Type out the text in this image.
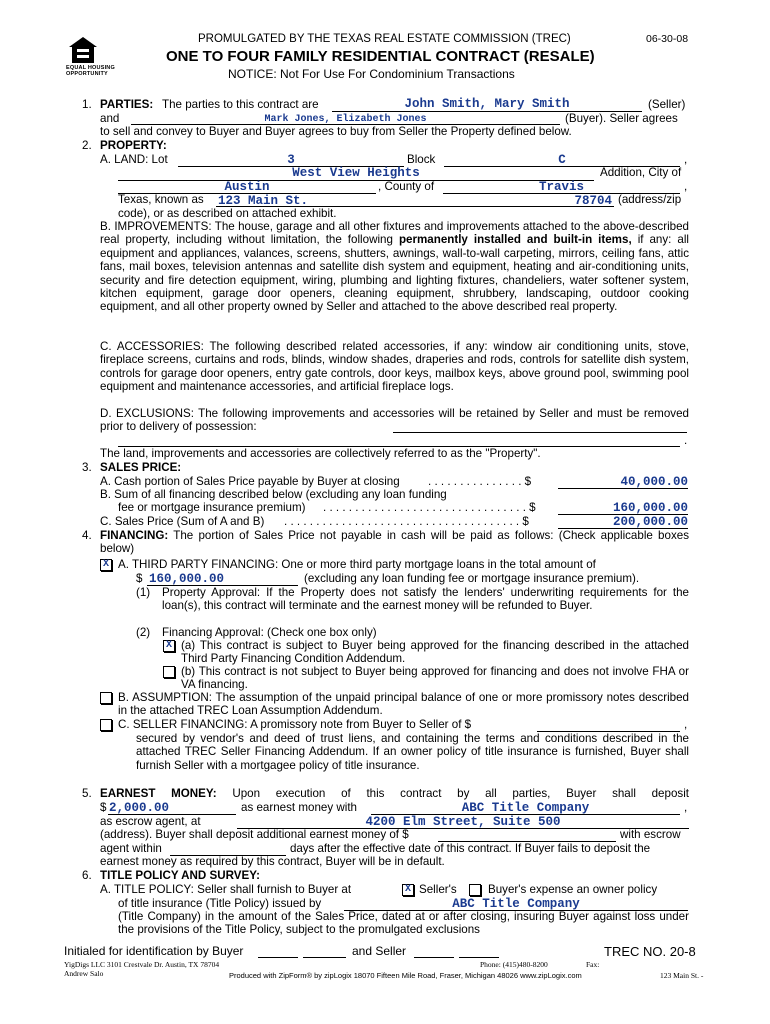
EQUAL HOUSING
OPPORTUNITY
PROMULGATED BY THE TEXAS REAL ESTATE COMMISSION (TREC)	06-30-08
ONE TO FOUR FAMILY RESIDENTIAL CONTRACT (RESALE)
NOTICE: Not For Use For Condominium Transactions
1. PARTIES: The parties to this contract are	John Smith, Mary Smith	(Seller)
and	Mark Jones, Elizabeth Jones	(Buyer). Seller agrees
to sell and convey to Buyer and Buyer agrees to buy from Seller the Property defined below.
2. PROPERTY:
A. LAND: Lot	3	Block	C	,
West View Heights	Addition, City of
Austin	, County of	Travis	,
Texas, known as 123 Main St.	78704 (address/zip
code), or as described on attached exhibit.

B. IMPROVEMENTS: The house, garage and all other fixtures and improvements attached to the above-described real property, including without limitation, the following permanently installed and built-in items, if any: all equipment and appliances, valances, screens, shutters, awnings, wall-to-wall carpeting, mirrors, ceiling fans, attic fans, mail boxes, television antennas and satellite dish system and equipment, heating and air-conditioning units, security and fire detection equipment, wiring, plumbing and lighting fixtures, chandeliers, water softener system, kitchen equipment, garage door openers, cleaning equipment, shrubbery, landscaping, outdoor cooking equipment, and all other property owned by Seller and attached to the above described real property.

C. ACCESSORIES: The following described related accessories, if any: window air conditioning units, stove, fireplace screens, curtains and rods, blinds, window shades, draperies and rods, controls for satellite dish system, controls for garage door openers, entry gate controls, door keys, mailbox keys, above ground pool, swimming pool equipment and maintenance accessories, and artificial fireplace logs.

D. EXCLUSIONS: The following improvements and accessories will be retained by Seller and must be removed prior to delivery of possession:

.
The land, improvements and accessories are collectively referred to as the "Property".
3. SALES PRICE:
A. Cash portion of Sales Price payable by Buyer at closing . . . . . . . . . . . . . . . $	40,000.00
B. Sum of all financing described below (excluding any loan funding
fee or mortgage insurance premium) . . . . . . . . . . . . . . . . . . . . . . . . . . . . . . . . $	160,000.00
C. Sales Price (Sum of A and B) . . . . . . . . . . . . . . . . . . . . . . . . . . . . . . . . . . . . . $	200,000.00
4. FINANCING: The portion of Sales Price not payable in cash will be paid as follows: (Check applicable boxes below)

X A. THIRD PARTY FINANCING: One or more third party mortgage loans in the total amount of
$ 160,000.00	(excluding any loan funding fee or mortgage insurance premium).
(1) Property Approval: If the Property does not satisfy the lenders' underwriting requirements for the loan(s), this contract will terminate and the earnest money will be refunded to Buyer.

(2) Financing Approval: (Check one box only)
X (a) This contract is subject to Buyer being approved for the financing described in the attached Third Party Financing Condition Addendum.

(b) This contract is not subject to Buyer being approved for financing and does not involve FHA or VA financing.

B. ASSUMPTION: The assumption of the unpaid principal balance of one or more promissory notes described in the attached TREC Loan Assumption Addendum.

C. SELLER FINANCING: A promissory note from Buyer to Seller of $	,

secured by vendor's and deed of trust liens, and containing the terms and conditions described in the attached TREC Seller Financing Addendum. If an owner policy of title insurance is furnished, Buyer shall furnish Seller with a mortgagee policy of title insurance.

5. EARNEST MONEY: Upon execution of this contract by all parties, Buyer shall deposit

$ 2,000.00	as earnest money with	ABC Title Company	,
as escrow agent, at	4200 Elm Street, Suite 500
(address). Buyer shall deposit additional earnest money of $	with escrow
agent within	days after the effective date of this contract. If Buyer fails to deposit the
earnest money as required by this contract, Buyer will be in default.
6. TITLE POLICY AND SURVEY:
A. TITLE POLICY: Seller shall furnish to Buyer at	X Seller's	Buyer's expense an owner policy
of title insurance (Title Policy) issued by	ABC Title Company

(Title Company) in the amount of the Sales Price, dated at or after closing, insuring Buyer against loss under the provisions of the Title Policy, subject to the promulgated exclusions

Initialed for identification by Buyer	and Seller	TREC NO. 20-8
YigDigs LLC 3101 Crestvale Dr. Austin, TX 78704	Phone: (415)480-8200	Fax:
Andrew Salo	Produced with ZipForm® by zipLogix 18070 Fifteen Mile Road, Fraser, Michigan 48026 www.zipLogix.com	123 Main St. -
